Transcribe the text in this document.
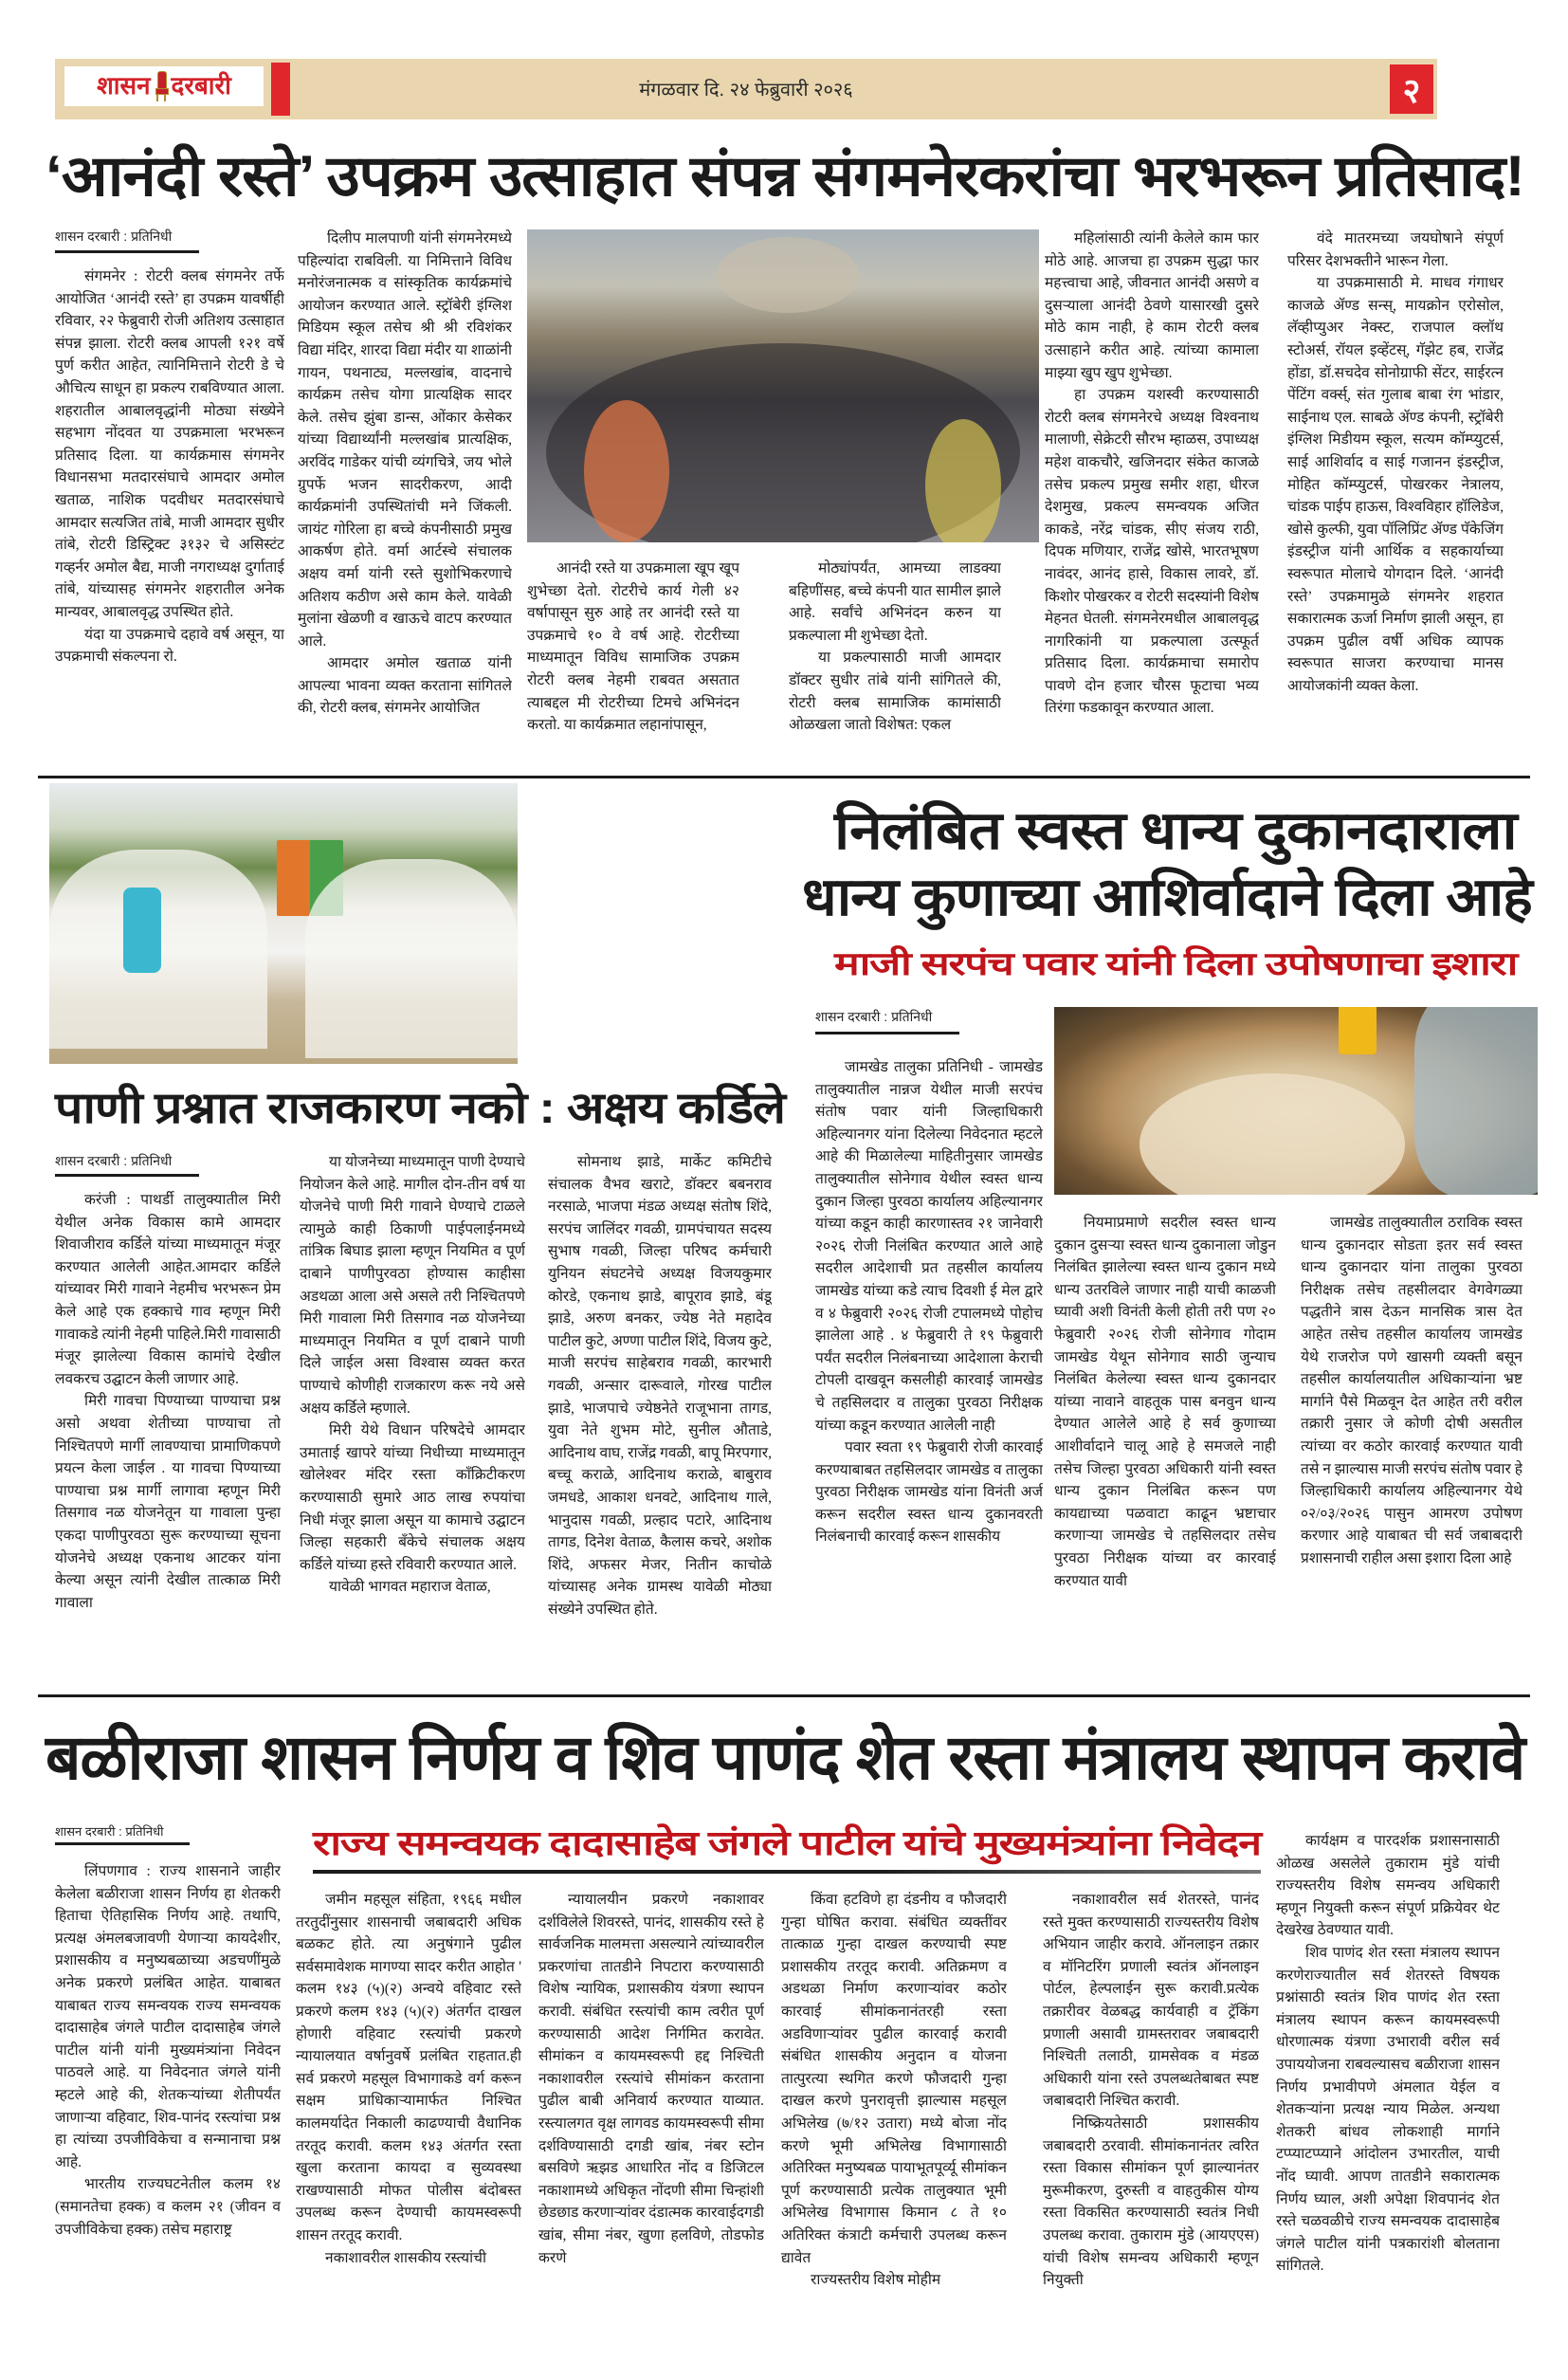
शासन दरबारी	मंगळवार दि. २४ फेब्रुवारी २०२६	२
‘आनंदी रस्ते’ उपक्रम उत्साहात संपन्न संगमनेरकरांचा भरभरून प्रतिसाद!
शासन दरबारी : प्रतिनिधी

संगमनेर : रोटरी क्लब संगमनेर तर्फे आयोजित ‘आनंदी रस्ते’ हा उपक्रम यावर्षीही रविवार, २२ फेब्रुवारी रोजी अतिशय उत्साहात संपन्न झाला. रोटरी क्लब आपली १२१ वर्षे पुर्ण करीत आहेत, त्यानिमित्ताने रोटरी डे चे औचित्य साधून हा प्रकल्प राबविण्यात आला. शहरातील आबालवृद्धांनी मोठ्या संख्येने सहभाग नोंदवत या उपक्रमाला भरभरून प्रतिसाद दिला. या कार्यक्रमास संगमनेर विधानसभा मतदारसंघाचे आमदार अमोल खताळ, नाशिक पदवीधर मतदारसंघाचे आमदार सत्यजित तांबे, माजी आमदार सुधीर तांबे, रोटरी डिस्ट्रिक्ट ३१३२ चे असिस्टंट गव्हर्नर अमोल बैद्य, माजी नगराध्यक्ष दुर्गाताई तांबे, यांच्यासह संगमनेर शहरातील अनेक मान्यवर, आबालवृद्ध उपस्थित होते.

यंदा या उपक्रमाचे दहावे वर्ष असून, या उपक्रमाची संकल्पना रो.

दिलीप मालपाणी यांनी संगमनेरमध्ये पहिल्यांदा राबविली. या निमित्ताने विविध मनोरंजनात्मक व सांस्कृतिक कार्यक्रमांचे आयोजन करण्यात आले. स्ट्रॉबेरी इंग्लिश मिडियम स्कूल तसेच श्री श्री रविशंकर विद्या मंदिर, शारदा विद्या मंदीर या शाळांनी गायन, पथनाट्य, मल्लखांब, वादनाचे कार्यक्रम तसेच योगा प्रात्यक्षिक सादर केले. तसेच झुंबा डान्स, ओंकार केसेकर यांच्या विद्यार्थ्यांनी मल्लखांब प्रात्यक्षिक, अरविंद गाडेकर यांची व्यंगचित्रे, जय भोले ग्रुपर्फे भजन सादरीकरण, आदी कार्यक्रमांनी उपस्थितांची मने जिंकली. जायंट गोरिला हा बच्चे कंपनीसाठी प्रमुख आकर्षण होते. वर्मा आर्टस्चे संचालक अक्षय वर्मा यांनी रस्ते सुशोभिकरणाचे अतिशय कठीण असे काम केले. यावेळी मुलांना खेळणी व खाऊचे वाटप करण्यात आले.

आमदार अमोल खताळ यांनी आपल्या भावना व्यक्त करताना सांगितले की, रोटरी क्लब, संगमनेर आयोजित

आनंदी रस्ते या उपक्रमाला खूप खूप शुभेच्छा देतो. रोटरीचे कार्य गेली ४२ वर्षापासून सुरु आहे तर आनंदी रस्ते या उपक्रमाचे १० वे वर्ष आहे. रोटरीच्या माध्यमातून विविध सामाजिक उपक्रम रोटरी क्लब नेहमी राबवत असतात त्याबद्दल मी रोटरीच्या टिमचे अभिनंदन करतो. या कार्यक्रमात लहानांपासून,

मोठ्यांपर्यंत, आमच्या लाडक्या बहिणींसह, बच्चे कंपनी यात सामील झाले आहे. सर्वांचे अभिनंदन करुन या प्रकल्पाला मी शुभेच्छा देतो.

या प्रकल्पासाठी माजी आमदार डॉक्टर सुधीर तांबे यांनी सांगितले की, रोटरी क्लब सामाजिक कामांसाठी ओळखला जातो विशेषत: एकल

महिलांसाठी त्यांनी केलेले काम फार मोठे आहे. आजचा हा उपक्रम सुद्धा फार महत्त्वाचा आहे, जीवनात आनंदी असणे व दुसऱ्याला आनंदी ठेवणे यासारखी दुसरे मोठे काम नाही, हे काम रोटरी क्लब उत्साहाने करीत आहे. त्यांच्या कामाला माझ्या खुप खुप शुभेच्छा.

हा उपक्रम यशस्वी करण्यासाठी रोटरी क्लब संगमनेरचे अध्यक्ष विश्वनाथ मालाणी, सेक्रेटरी सौरभ म्हाळस, उपाध्यक्ष महेश वाकचौरे, खजिनदार संकेत काजळे तसेच प्रकल्प प्रमुख समीर शहा, धीरज देशमुख, प्रकल्प समन्वयक अजित काकडे, नरेंद्र चांडक, सीए संजय राठी, दिपक मणियार, राजेंद्र खोसे, भारतभूषण नावंदर, आनंद हासे, विकास लावरे, डॉ. किशोर पोखरकर व रोटरी सदस्यांनी विशेष मेहनत घेतली. संगमनेरमधील आबालवृद्ध नागरिकांनी या प्रकल्पाला उत्स्फूर्त प्रतिसाद दिला. कार्यक्रमाचा समारोप पावणे दोन हजार चौरस फूटाचा भव्य तिरंगा फडकावून करण्यात आला.

वंदे मातरमच्या जयघोषाने संपूर्ण परिसर देशभक्तीने भारून गेला.

या उपक्रमासाठी मे. माधव गंगाधर काजळे ॲण्ड सन्स्, मायक्रोन एरोसोल, लॅव्हीप्युअर नेक्स्ट, राजपाल क्लॉथ स्टोअर्स, रॉयल इव्हेंटस्, गॅझेट हब, राजेंद्र होंडा, डॉ.सचदेव सोनोग्राफी सेंटर, साईरत्न पेंटिंग वर्क्स्, संत गुलाब बाबा रंग भांडार, साईनाथ एल. साबळे ॲण्ड कंपनी, स्ट्रॉबेरी इंग्लिश मिडीयम स्कूल, सत्यम कॉम्प्युटर्स, साई आशिर्वाद व साई गजानन इंडस्ट्रीज, मोहित कॉम्प्युटर्स, पोखरकर नेत्रालय, चांडक पाईप हाऊस, विश्वविहार हॉलिडेज, खोसे कुल्फी, युवा पॉलिप्रिंट ॲण्ड पॅकेजिंग इंडस्ट्रीज यांनी आर्थिक व सहकार्याच्या स्वरूपात मोलाचे योगदान दिले. ‘आनंदी रस्ते’ उपक्रमामुळे संगमनेर शहरात सकारात्मक ऊर्जा निर्माण झाली असून, हा उपक्रम पुढील वर्षी अधिक व्यापक स्वरूपात साजरा करण्याचा मानस आयोजकांनी व्यक्त केला.

निलंबित स्वस्त धान्य दुकानदाराला
धान्य कुणाच्या आशिर्वादाने दिला आहे
माजी सरपंच पवार यांनी दिला उपोषणाचा इशारा
पाणी प्रश्नात राजकारण नको : अक्षय कर्डिले
शासन दरबारी : प्रतिनिधी

करंजी : पाथर्डी तालुक्यातील मिरी येथील अनेक विकास कामे आमदार शिवाजीराव कर्डिले यांच्या माध्यमातून मंजूर करण्यात आलेली आहेत.आमदार कर्डिले यांच्यावर मिरी गावाने नेहमीच भरभरून प्रेम केले आहे एक हक्काचे गाव म्हणून मिरी गावाकडे त्यांनी नेहमी पाहिले.मिरी गावासाठी मंजूर झालेल्या विकास कामांचे देखील लवकरच उद्घाटन केली जाणार आहे.

मिरी गावचा पिण्याच्या पाण्याचा प्रश्न असो अथवा शेतीच्या पाण्याचा तो निश्चितपणे मार्गी लावण्याचा प्रामाणिकपणे प्रयत्न केला जाईल . या गावचा पिण्याच्या पाण्याचा प्रश्न मार्गी लागावा म्हणून मिरी तिसगाव नळ योजनेतून या गावाला पुन्हा एकदा पाणीपुरवठा सुरू करण्याच्या सूचना योजनेचे अध्यक्ष एकनाथ आटकर यांना केल्या असून त्यांनी देखील तात्काळ मिरी गावाला

या योजनेच्या माध्यमातून पाणी देण्याचे नियोजन केले आहे. मागील दोन-तीन वर्ष या योजनेचे पाणी मिरी गावाने घेण्याचे टाळले त्यामुळे काही ठिकाणी पाईपलाईनमध्ये तांत्रिक बिघाड झाला म्हणून नियमित व पूर्ण दाबाने पाणीपुरवठा होण्यास काहीसा अडथळा आला असे असले तरी निश्चितपणे मिरी गावाला मिरी तिसगाव नळ योजनेच्या माध्यमातून नियमित व पूर्ण दाबाने पाणी दिले जाईल असा विश्वास व्यक्त करत पाण्याचे कोणीही राजकारण करू नये असे अक्षय कर्डिले म्हणाले.

मिरी येथे विधान परिषदेचे आमदार उमाताई खापरे यांच्या निधीच्या माध्यमातून खोलेश्वर मंदिर रस्ता काँक्रिटीकरण करण्यासाठी सुमारे आठ लाख रुपयांचा निधी मंजूर झाला असून या कामाचे उद्घाटन जिल्हा सहकारी बँकेचे संचालक अक्षय कर्डिले यांच्या हस्ते रविवारी करण्यात आले.

यावेळी भागवत महाराज वेताळ,

सोमनाथ झाडे, मार्केट कमिटीचे संचालक वैभव खराटे, डॉक्टर बबनराव नरसाळे, भाजपा मंडळ अध्यक्ष संतोष शिंदे, सरपंच जालिंदर गवळी, ग्रामपंचायत सदस्य सुभाष गवळी, जिल्हा परिषद कर्मचारी युनियन संघटनेचे अध्यक्ष विजयकुमार कोरडे, एकनाथ झाडे, बापूराव झाडे, बंडू झाडे, अरुण बनकर, ज्येष्ठ नेते महादेव पाटील कुटे, अण्णा पाटील शिंदे, विजय कुटे, माजी सरपंच साहेबराव गवळी, कारभारी गवळी, अन्सार दारूवाले, गोरख पाटील झाडे, भाजपाचे ज्येष्ठनेते राजूभाना तागड, युवा नेते शुभम मोटे, सुनील औताडे, आदिनाथ वाघ, राजेंद्र गवळी, बापू मिरपगार, बच्चू कराळे, आदिनाथ कराळे, बाबुराव जमधडे, आकाश धनवटे, आदिनाथ गाले, भानुदास गवळी, प्रल्हाद पटारे, आदिनाथ तागड, दिनेश वेताळ, कैलास कचरे, अशोक शिंदे, अफसर मेजर, नितीन काचोळे यांच्यासह अनेक ग्रामस्थ यावेळी मोठ्या संख्येने उपस्थित होते.

शासन दरबारी : प्रतिनिधी

जामखेड तालुका प्रतिनिधी - जामखेड तालुक्यातील नान्नज येथील माजी सरपंच संतोष पवार यांनी जिल्हाधिकारी अहिल्यानगर यांना दिलेल्या निवेदनात म्हटले आहे की मिळालेल्या माहितीनुसार जामखेड तालुक्यातील सोनेगाव येथील स्वस्त धान्य दुकान जिल्हा पुरवठा कार्यालय अहिल्यानगर यांच्या कडून काही कारणास्तव २१ जानेवारी २०२६ रोजी निलंबित करण्यात आले आहे सदरील आदेशाची प्रत तहसील कार्यालय जामखेड यांच्या कडे त्याच दिवशी ई मेल द्वारे व ४ फेब्रुवारी २०२६ रोजी टपालमध्ये पोहोच झालेला आहे . ४ फेब्रुवारी ते १९ फेब्रुवारी पर्यंत सदरील निलंबनाच्या आदेशाला केराची टोपली दाखवून कसलीही कारवाई जामखेड चे तहसिलदार व तालुका पुरवठा निरीक्षक यांच्या कडून करण्यात आलेली नाही

पवार स्वता १९ फेब्रुवारी रोजी कारवाई करण्याबाबत तहसिलदार जामखेड व तालुका पुरवठा निरीक्षक जामखेड यांना विनंती अर्ज करून सदरील स्वस्त धान्य दुकानवरती निलंबनाची कारवाई करून शासकीय

नियमाप्रमाणे सदरील स्वस्त धान्य दुकान दुसऱ्या स्वस्त धान्य दुकानाला जोडुन निलंबित झालेल्या स्वस्त धान्य दुकान मध्ये धान्य उतरविले जाणार नाही याची काळजी घ्यावी अशी विनंती केली होती तरी पण २० फेब्रुवारी २०२६ रोजी सोनेगाव गोदाम जामखेड येथून सोनेगाव साठी जुन्याच निलंबित केलेल्या स्वस्त धान्य दुकानदार यांच्या नावाने वाहतूक पास बनवुन धान्य देण्यात आलेले आहे हे सर्व कुणाच्या आशीर्वादाने चालू आहे हे समजले नाही तसेच जिल्हा पुरवठा अधिकारी यांनी स्वस्त धान्य दुकान निलंबित करून पण कायद्याच्या पळवाटा काढून भ्रष्टाचार करणाऱ्या जामखेड चे तहसिलदार तसेच पुरवठा निरीक्षक यांच्या वर कारवाई करण्यात यावी

जामखेड तालुक्यातील ठराविक स्वस्त धान्य दुकानदार सोडता इतर सर्व स्वस्त धान्य दुकानदार यांना तालुका पुरवठा निरीक्षक तसेच तहसीलदार वेगवेगळ्या पद्धतीने त्रास देऊन मानसिक त्रास देत आहेत तसेच तहसील कार्यालय जामखेड येथे राजरोज पणे खासगी व्यक्ती बसून तहसील कार्यालयातील अधिकाऱ्यांना भ्रष्ट मार्गाने पैसे मिळवून देत आहेत तरी वरील तक्रारी नुसार जे कोणी दोषी असतील त्यांच्या वर कठोर कारवाई करण्यात यावी तसे न झाल्यास माजी सरपंच संतोष पवार हे जिल्हाधिकारी कार्यालय अहिल्यानगर येथे ०२/०३/२०२६ पासुन आमरण उपोषण करणार आहे याबाबत ची सर्व जबाबदारी प्रशासनाची राहील असा इशारा दिला आहे

बळीराजा शासन निर्णय व शिव पाणंद शेत रस्ता मंत्रालय स्थापन करावे
शासन दरबारी : प्रतिनिधी	राज्य समन्वयक दादासाहेब जंगले पाटील यांचे मुख्यमंत्र्यांना निवेदन

लिंपणगाव : राज्य शासनाने जाहीर केलेला बळीराजा शासन निर्णय हा शेतकरी हिताचा ऐतिहासिक निर्णय आहे. तथापि, प्रत्यक्ष अंमलबजावणी येणाऱ्या कायदेशीर, प्रशासकीय व मनुष्यबळाच्या अडचणींमुळे अनेक प्रकरणे प्रलंबित आहेत. याबाबत याबाबत राज्य समन्वयक राज्य समन्वयक दादासाहेब जंगले पाटील दादासाहेब जंगले पाटील यांनी यांनी मुख्यमंत्र्यांना निवेदन पाठवले आहे. या निवेदनात जंगले यांनी म्हटले आहे की, शेतकऱ्यांच्या शेतीपर्यंत जाणाऱ्या वहिवाट, शिव-पानंद रस्त्यांचा प्रश्न हा त्यांच्या उपजीविकेचा व सन्मानाचा प्रश्न आहे.

भारतीय राज्यघटनेतील कलम १४ (समानतेचा हक्क) व कलम २१ (जीवन व उपजीविकेचा हक्क) तसेच महाराष्ट्र

जमीन महसूल संहिता, १९६६ मधील तरतुदींनुसार शासनाची जबाबदारी अधिक बळकट होते. त्या अनुषंगाने पुढील सर्वसमावेशक मागण्या सादर करीत आहोत ' कलम १४३ (५)(२) अन्वये वहिवाट रस्ते प्रकरणे कलम १४३ (५)(२) अंतर्गत दाखल होणारी वहिवाट रस्त्यांची प्रकरणे न्यायालयात वर्षानुवर्षे प्रलंबित राहतात.ही सर्व प्रकरणे महसूल विभागाकडे वर्ग करून सक्षम प्राधिकाऱ्यामार्फत निश्चित कालमर्यादेत निकाली काढण्याची वैधानिक तरतूद करावी. कलम १४३ अंतर्गत रस्ता खुला करताना कायदा व सुव्यवस्था राखण्यासाठी मोफत पोलीस बंदोबस्त उपलब्ध करून देण्याची कायमस्वरूपी शासन तरतूद करावी.

नकाशावरील शासकीय रस्त्यांची

न्यायालयीन प्रकरणे नकाशावर दर्शविलेले शिवरस्ते, पानंद, शासकीय रस्ते हे सार्वजनिक मालमत्ता असल्याने त्यांच्यावरील प्रकरणांचा तातडीने निपटारा करण्यासाठी विशेष न्यायिक, प्रशासकीय यंत्रणा स्थापन करावी. संबंधित रस्त्यांची काम त्वरीत पूर्ण करण्यासाठी आदेश निर्गमित करावेत. सीमांकन व कायमस्वरूपी हद्द निश्चिती नकाशावरील रस्त्यांचे सीमांकन करताना पुढील बाबी अनिवार्य करण्यात याव्यात. रस्त्यालगत वृक्ष लागवड कायमस्वरूपी सीमा दर्शविण्यासाठी दगडी खांब, नंबर स्टोन बसविणे ऋझड आधारित नोंद व डिजिटल नकाशामध्ये अधिकृत नोंदणी सीमा चिन्हांशी छेडछाड करणाऱ्यांवर दंडात्मक कारवाईदगडी खांब, सीमा नंबर, खुणा हलविणे, तोडफोड करणे

किंवा हटविणे हा दंडनीय व फौजदारी गुन्हा घोषित करावा. संबंधित व्यक्तींवर तात्काळ गुन्हा दाखल करण्याची स्पष्ट प्रशासकीय तरतूद करावी. अतिक्रमण व अडथळा निर्माण करणाऱ्यांवर कठोर कारवाई सीमांकनानंतरही रस्ता अडविणाऱ्यांवर पुढील कारवाई करावी संबंधित शासकीय अनुदान व योजना तात्पुरत्या स्थगित करणे फौजदारी गुन्हा दाखल करणे पुनरावृत्ती झाल्यास महसूल अभिलेख (७/१२ उतारा) मध्ये बोजा नोंद करणे भूमी अभिलेख विभागासाठी अतिरिक्त मनुष्यबळ पायाभूतपूर्व्यू सीमांकन पूर्ण करण्यासाठी प्रत्येक तालुक्यात भूमी अभिलेख विभागास किमान ८ ते १० अतिरिक्त कंत्राटी कर्मचारी उपलब्ध करून द्यावेत

राज्यस्तरीय विशेष मोहीम

नकाशावरील सर्व शेतरस्ते, पानंद रस्ते मुक्त करण्यासाठी राज्यस्तरीय विशेष अभियान जाहीर करावे. ऑनलाइन तक्रार व मॉनिटरिंग प्रणाली स्वतंत्र ऑनलाइन पोर्टल, हेल्पलाईन सुरू करावी.प्रत्येक तक्रारीवर वेळबद्ध कार्यवाही व ट्रॅकिंग प्रणाली असावी ग्रामस्तरावर जबाबदारी निश्चिती तलाठी, ग्रामसेवक व मंडळ अधिकारी यांना रस्ते उपलब्धतेबाबत स्पष्ट जबाबदारी निश्चित करावी.

निष्क्रियतेसाठी प्रशासकीय जबाबदारी ठरवावी. सीमांकनानंतर त्वरित रस्ता विकास सीमांकन पूर्ण झाल्यानंतर मुरूमीकरण, दुरुस्ती व वाहतुकीस योग्य रस्ता विकसित करण्यासाठी स्वतंत्र निधी उपलब्ध करावा. तुकाराम मुंडे (आयएएस) यांची विशेष समन्वय अधिकारी म्हणून नियुक्ती

कार्यक्षम व पारदर्शक प्रशासनासाठी ओळख असलेले तुकाराम मुंडे यांची राज्यस्तरीय विशेष समन्वय अधिकारी म्हणून नियुक्ती करून संपूर्ण प्रक्रियेवर थेट देखरेख ठेवण्यात यावी.

शिव पाणंद शेत रस्ता मंत्रालय स्थापन करणेराज्यातील सर्व शेतरस्ते विषयक प्रश्नांसाठी स्वतंत्र शिव पाणंद शेत रस्ता मंत्रालय स्थापन करून कायमस्वरूपी धोरणात्मक यंत्रणा उभारावी वरील सर्व उपाययोजना राबवल्यासच बळीराजा शासन निर्णय प्रभावीपणे अंमलात येईल व शेतकऱ्यांना प्रत्यक्ष न्याय मिळेल. अन्यथा शेतकरी बांधव लोकशाही मार्गाने टप्प्याटप्प्याने आंदोलन उभारतील, याची नोंद घ्यावी. आपण तातडीने सकारात्मक निर्णय घ्याल, अशी अपेक्षा शिवपानंद शेत रस्ते चळवळीचे राज्य समन्वयक दादासाहेब जंगले पाटील यांनी पत्रकारांशी बोलताना सांगितले.
